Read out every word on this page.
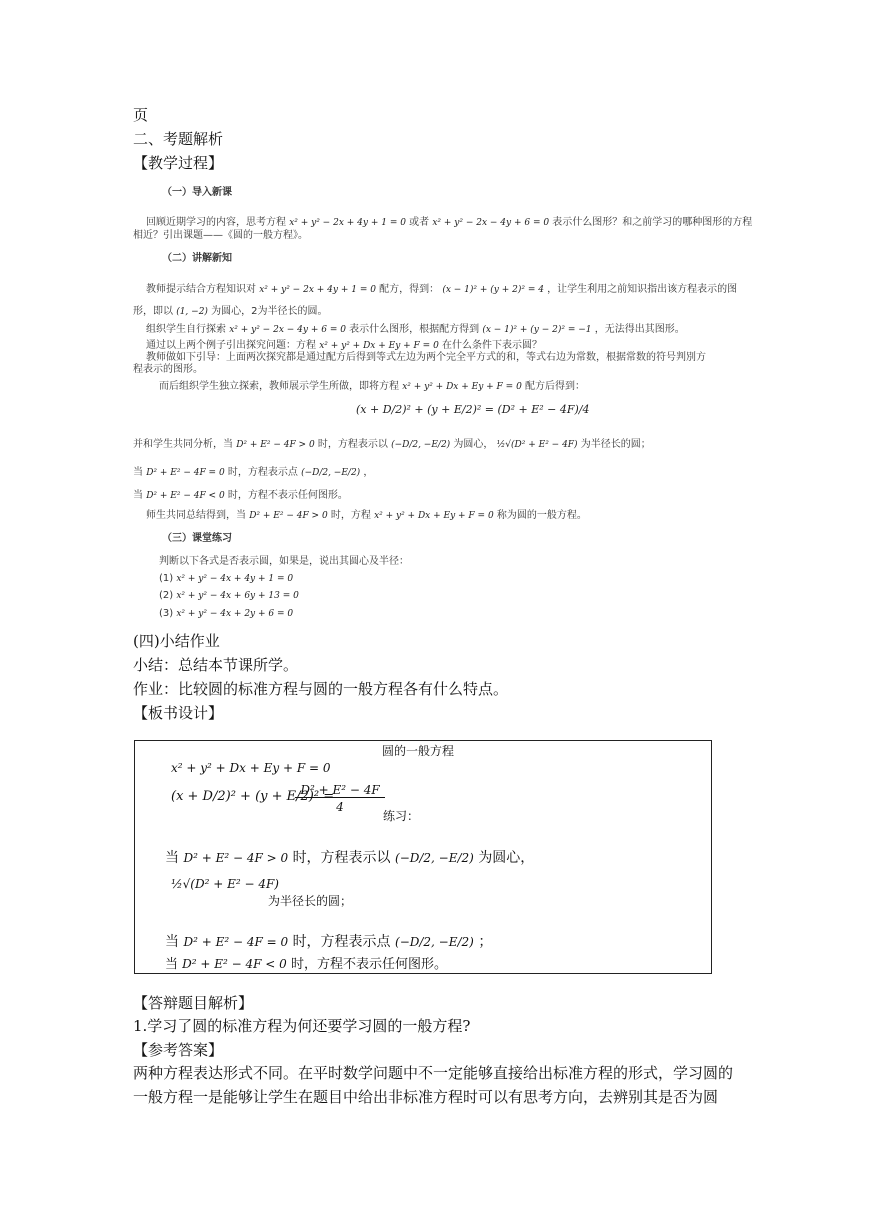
页
二、考题解析
【教学过程】
（一）导入新课
回顾近期学习的内容，思考方程 x² + y² − 2x + 4y + 1 = 0 或者 x² + y² − 2x − 4y + 6 = 0 表示什么图形？和之前学习的哪种图形的方程
相近？引出课题——《圆的一般方程》。
（二）讲解新知
教师提示结合方程知识对 x² + y² − 2x + 4y + 1 = 0 配方，得到： (x − 1)² + (y + 2)² = 4 ，让学生利用之前知识指出该方程表示的图
形，即以 (1, −2) 为圆心，2为半径长的圆。
组织学生自行探索 x² + y² − 2x − 4y + 6 = 0 表示什么图形，根据配方得到 (x − 1)² + (y − 2)² = −1 ，无法得出其图形。
通过以上两个例子引出探究问题：方程 x² + y² + Dx + Ey + F = 0 在什么条件下表示圆？
教师做如下引导：上面两次探究都是通过配方后得到等式左边为两个完全平方式的和，等式右边为常数，根据常数的符号判別方
程表示的图形。
而后组织学生独立探索，教师展示学生所做，即将方程 x² + y² + Dx + Ey + F = 0 配方后得到：
(x + D/2)² + (y + E/2)² = (D² + E² − 4F)/4
并和学生共同分析，当 D² + E² − 4F > 0 时，方程表示以 (−D/2, −E/2) 为圆心， ½√(D² + E² − 4F) 为半径长的圆；
当 D² + E² − 4F = 0 时，方程表示点 (−D/2, −E/2) ，
当 D² + E² − 4F < 0 时，方程不表示任何图形。
师生共同总结得到，当 D² + E² − 4F > 0 时，方程 x² + y² + Dx + Ey + F = 0 称为圆的一般方程。
（三）课堂练习
判断以下各式是否表示圆，如果是，说出其圆心及半径：
(1) x² + y² − 4x + 4y + 1 = 0
(2) x² + y² − 4x + 6y + 13 = 0
(3) x² + y² − 4x + 2y + 6 = 0
(四)小结作业
小结：总结本节课所学。
作业：比较圆的标准方程与圆的一般方程各有什么特点。
【板书设计】
圆的一般方程
x² + y² + Dx + Ey + F = 0
(x + D/2)² + (y + E/2)² =
D² + E² − 4F
4
练习：
当 D² + E² − 4F > 0 时，方程表示以 (−D/2, −E/2) 为圆心，
½√(D² + E² − 4F)
为半径长的圆；
当 D² + E² − 4F = 0 时，方程表示点 (−D/2, −E/2) ；
当 D² + E² − 4F < 0 时，方程不表示任何图形。
【答辩题目解析】
1.学习了圆的标准方程为何还要学习圆的一般方程?
【参考答案】
两种方程表达形式不同。在平时数学问题中不一定能够直接给出标准方程的形式，学习圆的
一般方程一是能够让学生在题目中给出非标准方程时可以有思考方向，去辨别其是否为圆
